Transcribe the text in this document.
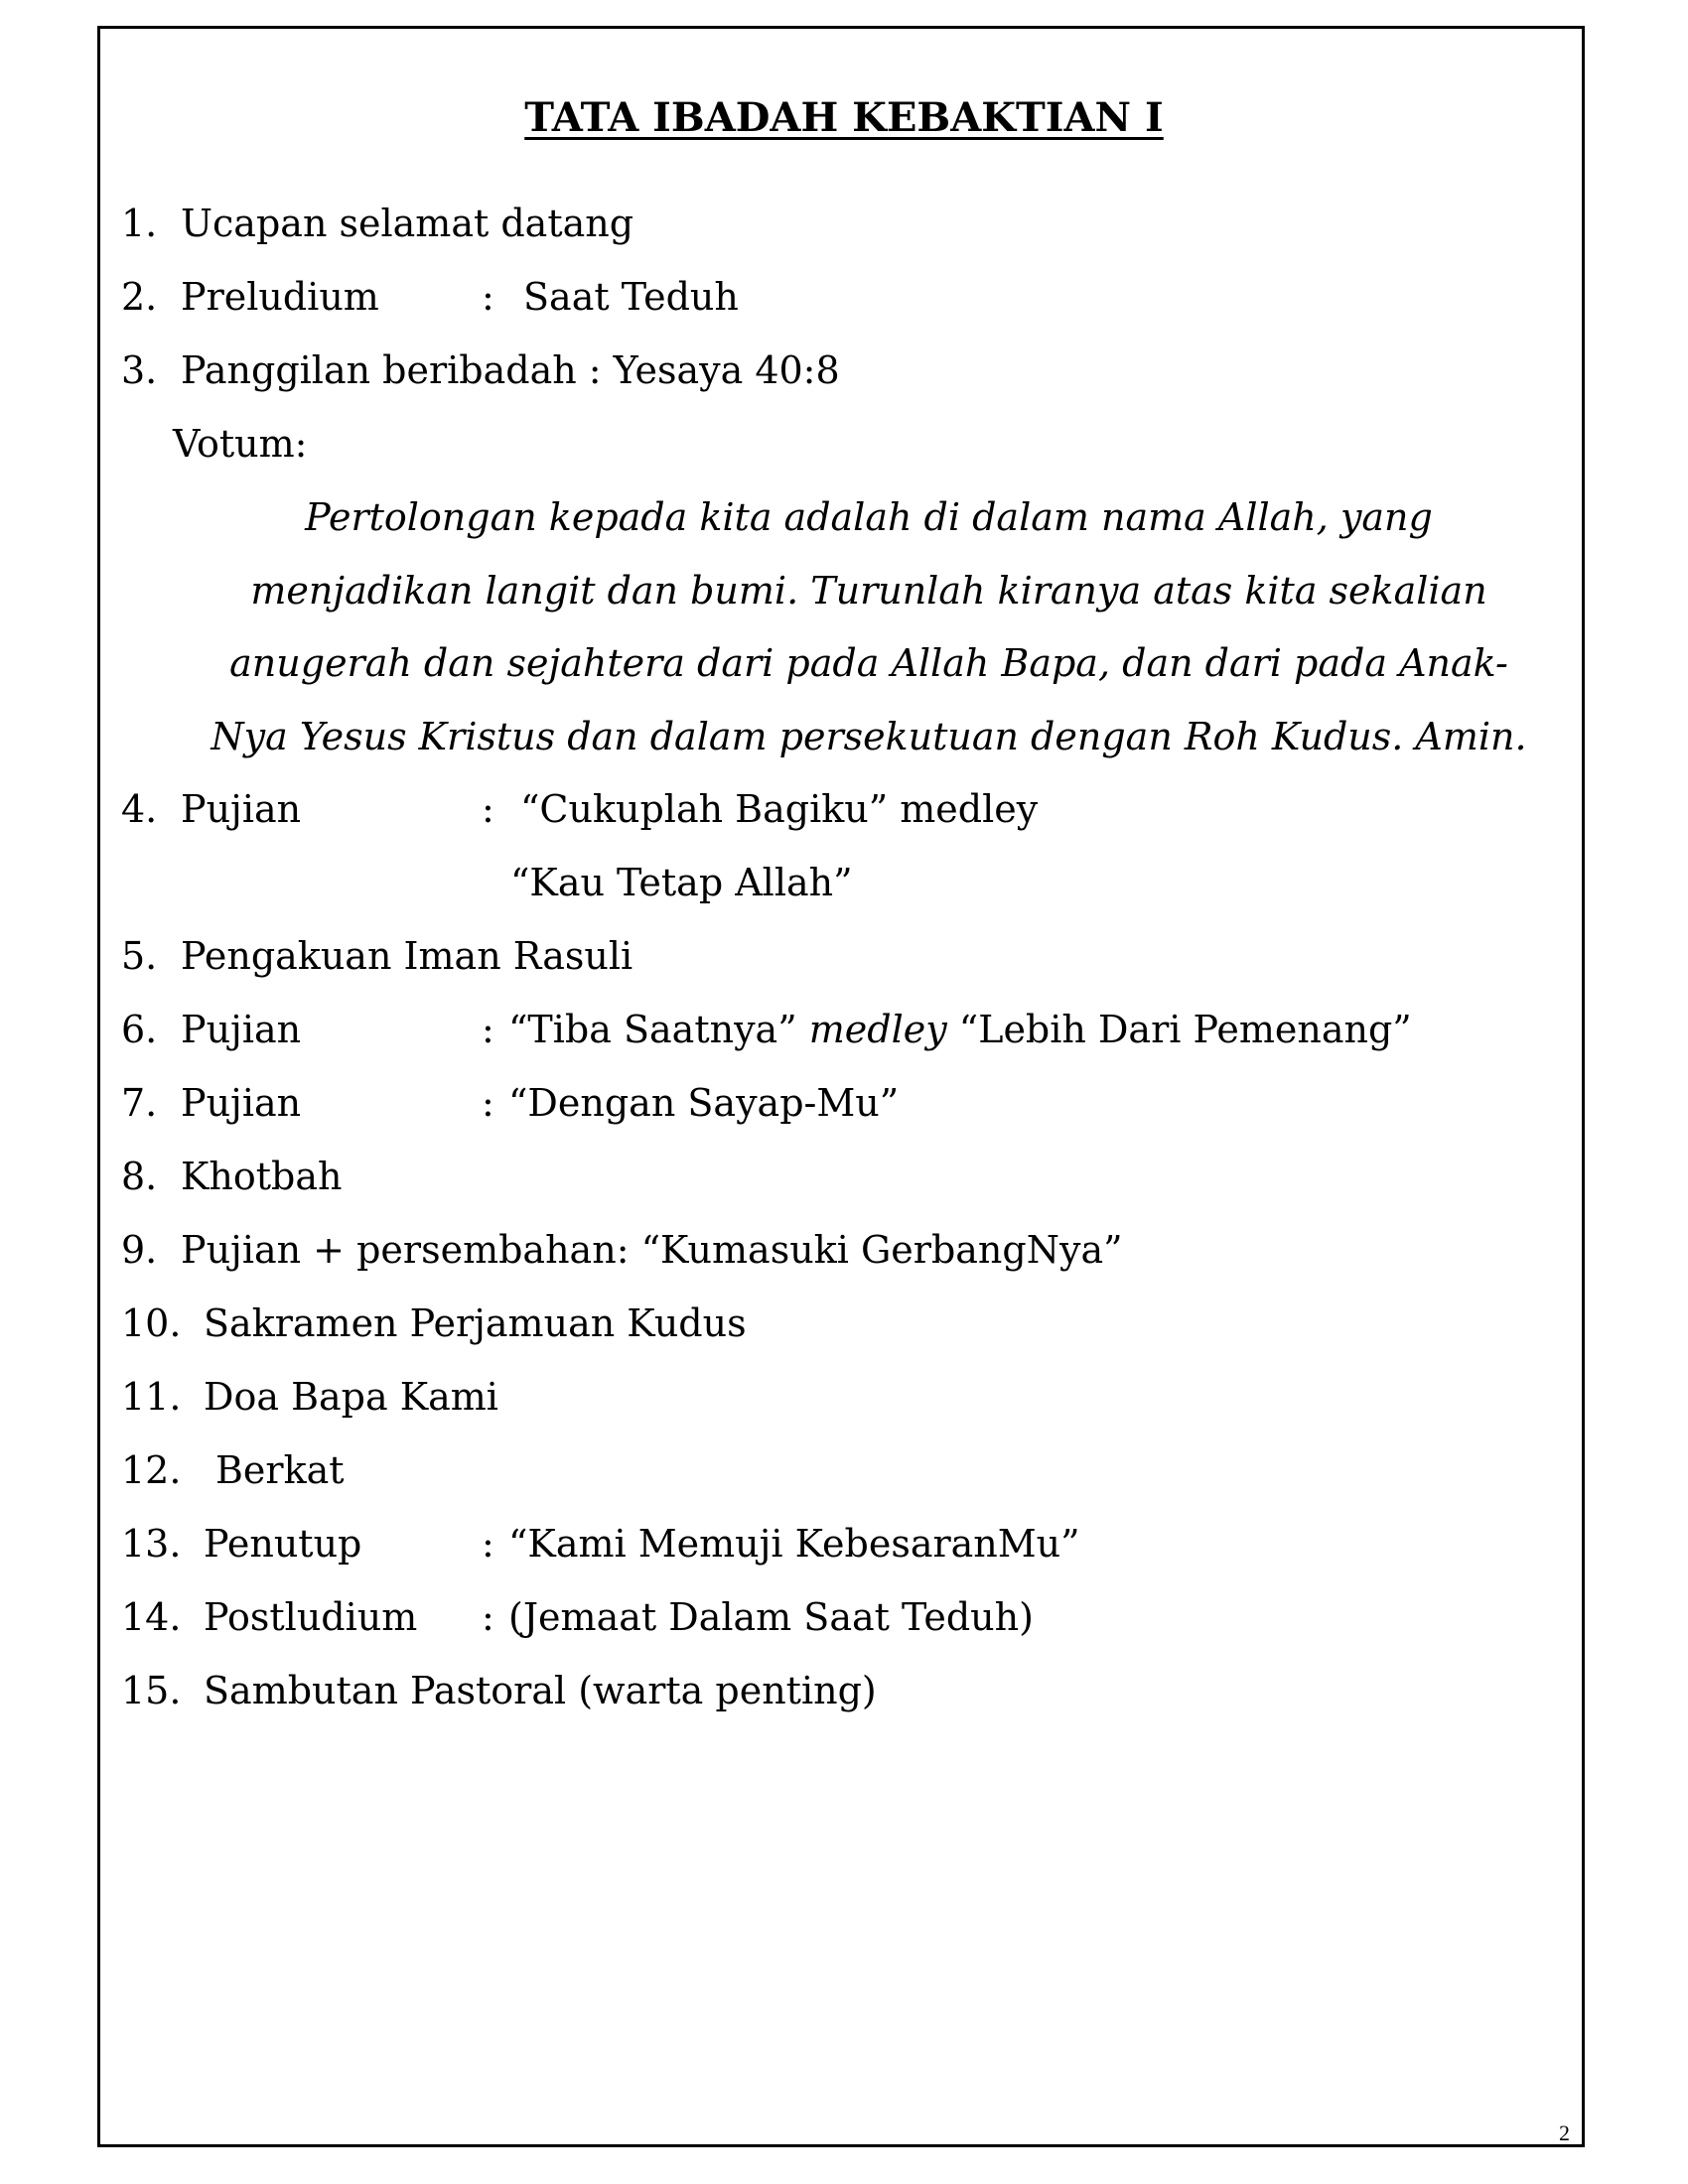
TATA IBADAH KEBAKTIAN I
1. Ucapan selamat datang
2. Preludium	: Saat Teduh
3. Panggilan beribadah : Yesaya 40:8
Votum:
Pertolongan kepada kita adalah di dalam nama Allah, yang
menjadikan langit dan bumi. Turunlah kiranya atas kita sekalian
anugerah dan sejahtera dari pada Allah Bapa, dan dari pada Anak-
Nya Yesus Kristus dan dalam persekutuan dengan Roh Kudus. Amin.
4. Pujian	: “Cukuplah Bagiku” medley
“Kau Tetap Allah”
5. Pengakuan Iman Rasuli
6. Pujian	: “Tiba Saatnya” medley “Lebih Dari Pemenang”
7. Pujian	: “Dengan Sayap-Mu”
8. Khotbah
9. Pujian + persembahan: “Kumasuki GerbangNya”
10. Sakramen Perjamuan Kudus
11. Doa Bapa Kami
12. Berkat
13. Penutup	: “Kami Memuji KebesaranMu”
14. Postludium : (Jemaat Dalam Saat Teduh)
15. Sambutan Pastoral (warta penting)
2
